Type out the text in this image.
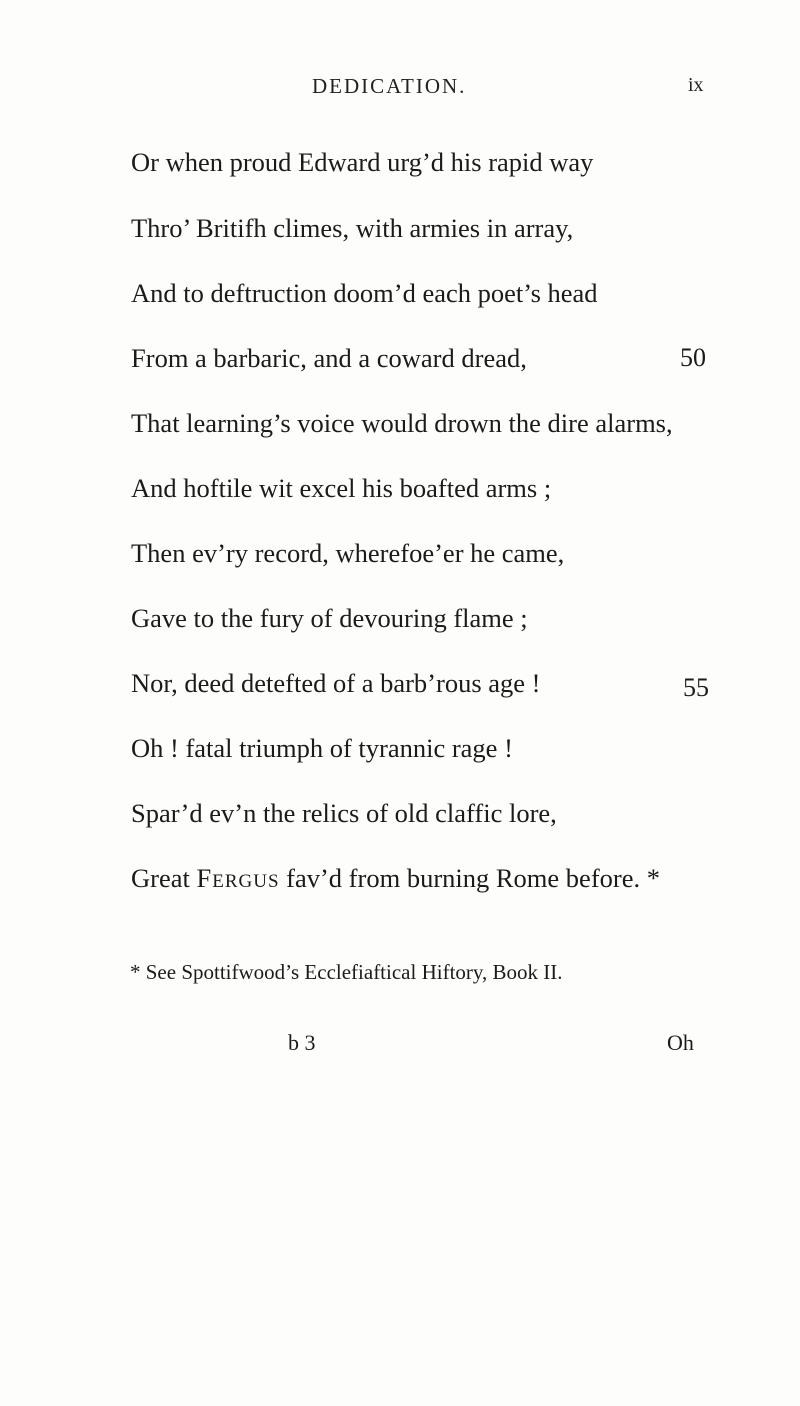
DEDICATION.	ix
Or when proud Edward urg’d his rapid way
Thro’ Britifh climes, with armies in array,
And to deftruction doom’d each poet’s head
From a barbaric, and a coward dread,	50
That learning’s voice would drown the dire alarms,
And hoftile wit excel his boafted arms ;
Then ev’ry record, wherefoe’er he came,
Gave to the fury of devouring flame ;
Nor, deed detefted of a barb’rous age !	55
Oh ! fatal triumph of tyrannic rage !
Spar’d ev’n the relics of old claffic lore,
Great Fergus fav’d from burning Rome before. *
* See Spottifwood’s Ecclefiaftical Hiftory, Book II.
b 3	Oh
